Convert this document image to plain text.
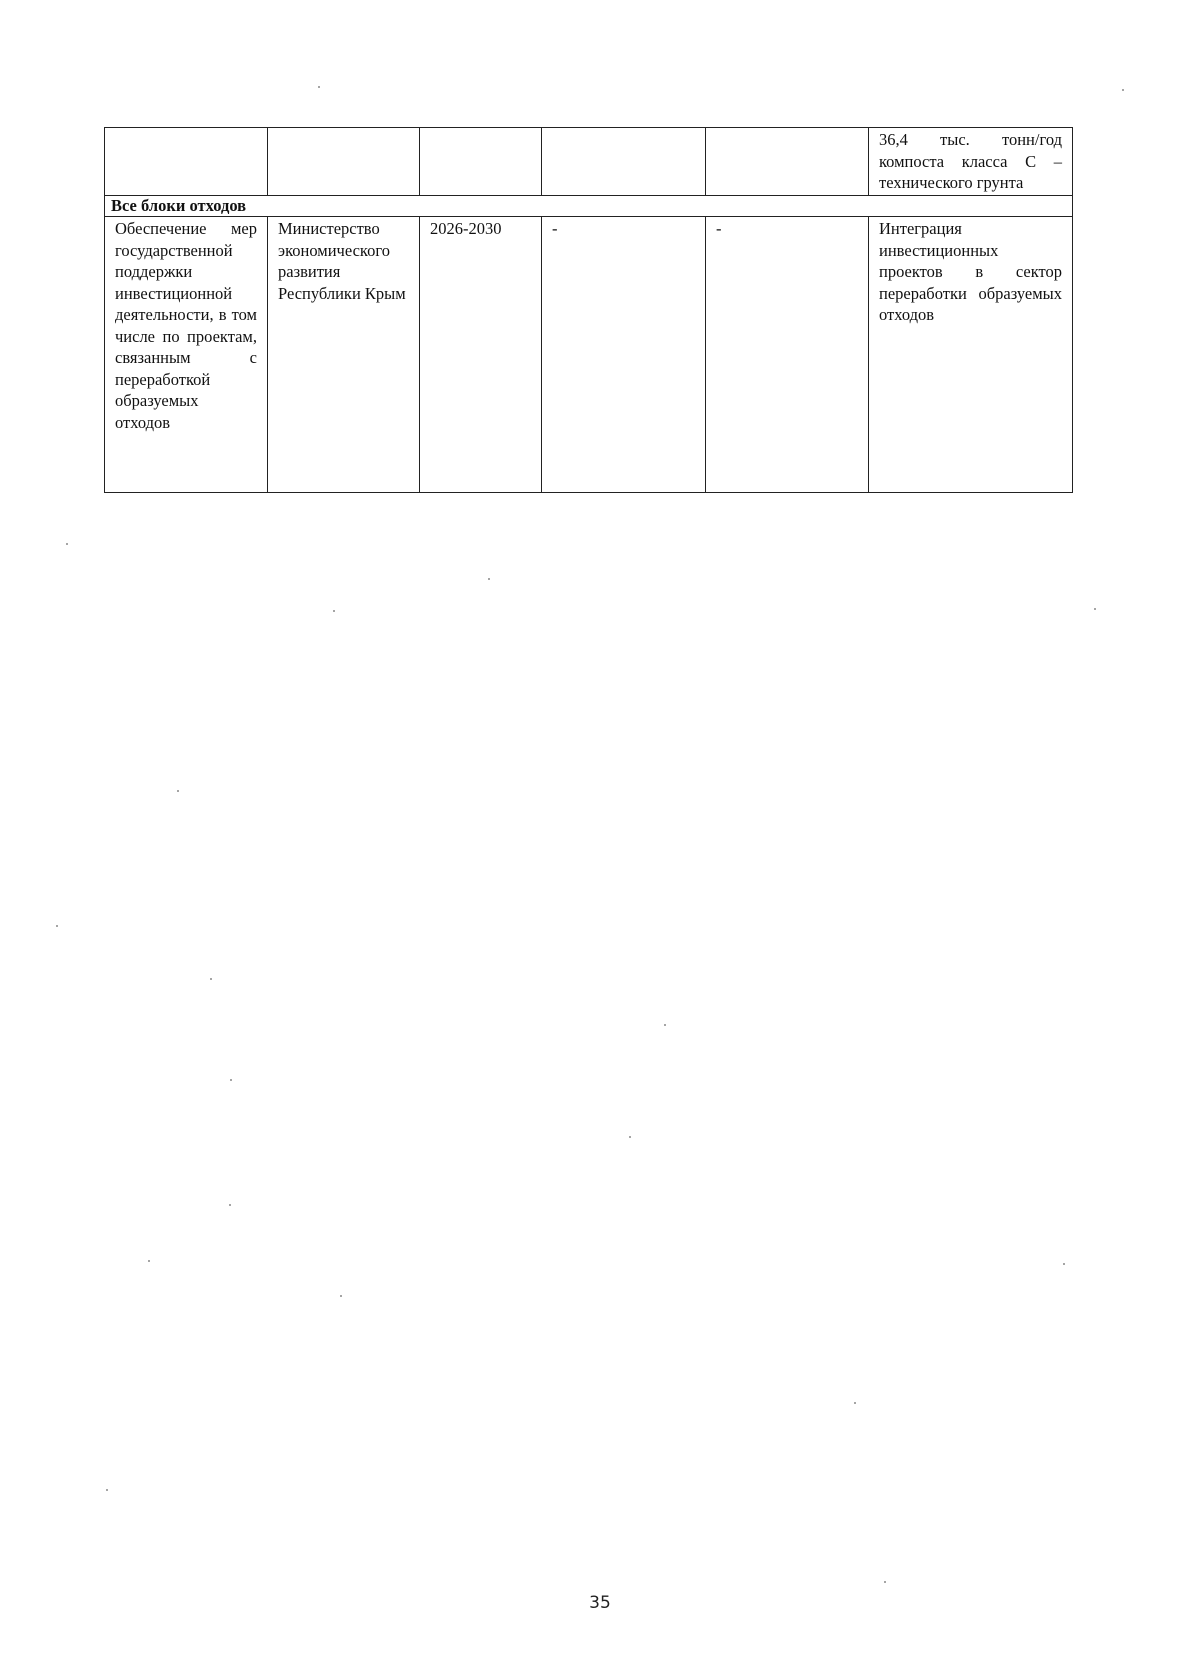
					36,4 тыс. тонн/год компоста класса С – технического грунта
Все блоки отходов					
Обеспечение мер государственной поддержки инвестиционной деятельности, в том числе по проектам, связанным с переработкой образуемых отходов	Министерство экономического развития Республики Крым	2026-2030	-	-	Интеграция инвестиционных проектов в сектор переработки образуемых отходов
35
